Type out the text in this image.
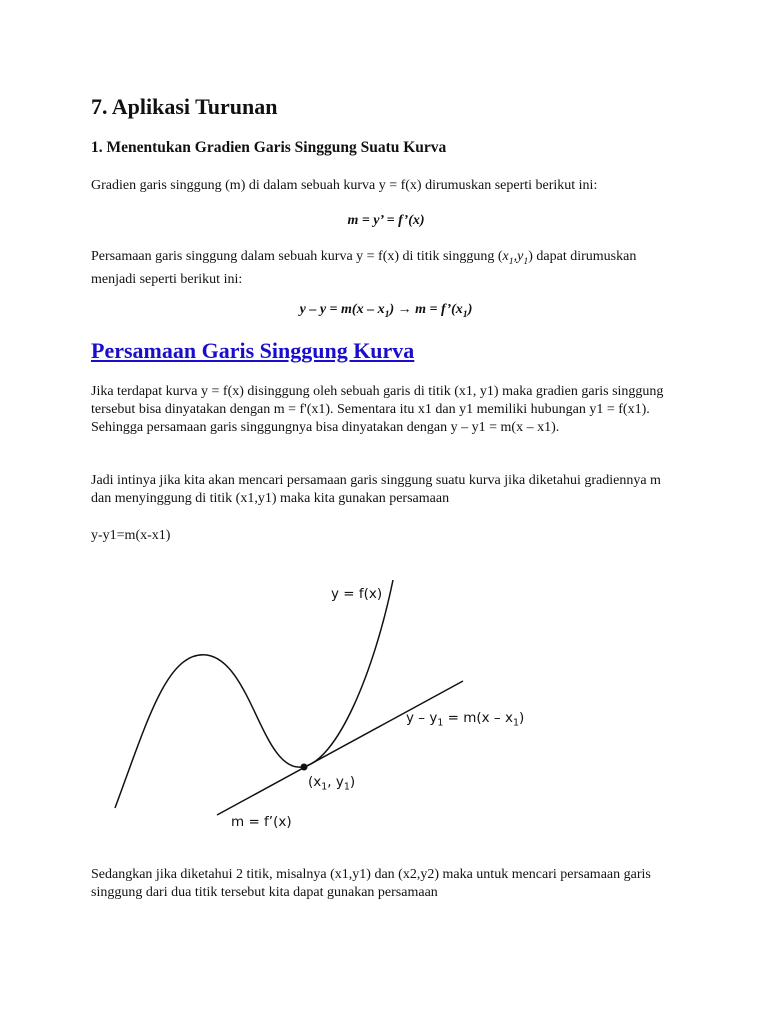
7. Aplikasi Turunan
1. Menentukan Gradien Garis Singgung Suatu Kurva

Gradien garis singgung (m) di dalam sebuah kurva y = f(x) dirumuskan seperti berikut ini:

m = y’ = f’(x)

Persamaan garis singgung dalam sebuah kurva y = f(x) di titik singgung $(x_1,y_1)$ dapat dirumuskan menjadi seperti berikut ini:

$y - y = m(x - x_1) \to m$ = $f’(x_1)$
Persamaan Garis Singgung Kurva

Jika terdapat kurva y = f(x) disinggung oleh sebuah garis di titik (x1, y1) maka gradien garis singgung tersebut bisa dinyatakan dengan m = f'(x1). Sementara itu x1 dan y1 memiliki hubungan y1 = f(x1). Sehingga persamaan garis singgungnya bisa dinyatakan dengan y – y1 = m(x – x1).

Jadi intinya jika kita akan mencari persamaan garis singgung suatu kurva jika diketahui gradiennya m dan menyinggung di titik (x1,y1) maka kita gunakan persamaan

y-y1=m(x-x1)

Sedangkan jika diketahui 2 titik, misalnya (x1,y1) dan (x2,y2) maka untuk mencari persamaan garis singgung dari dua titik tersebut kita dapat gunakan persamaan

y = f(x)
$y - y_1 = m(x - x_1)$
($x_1$, $y_1$)
m = f’(x)
